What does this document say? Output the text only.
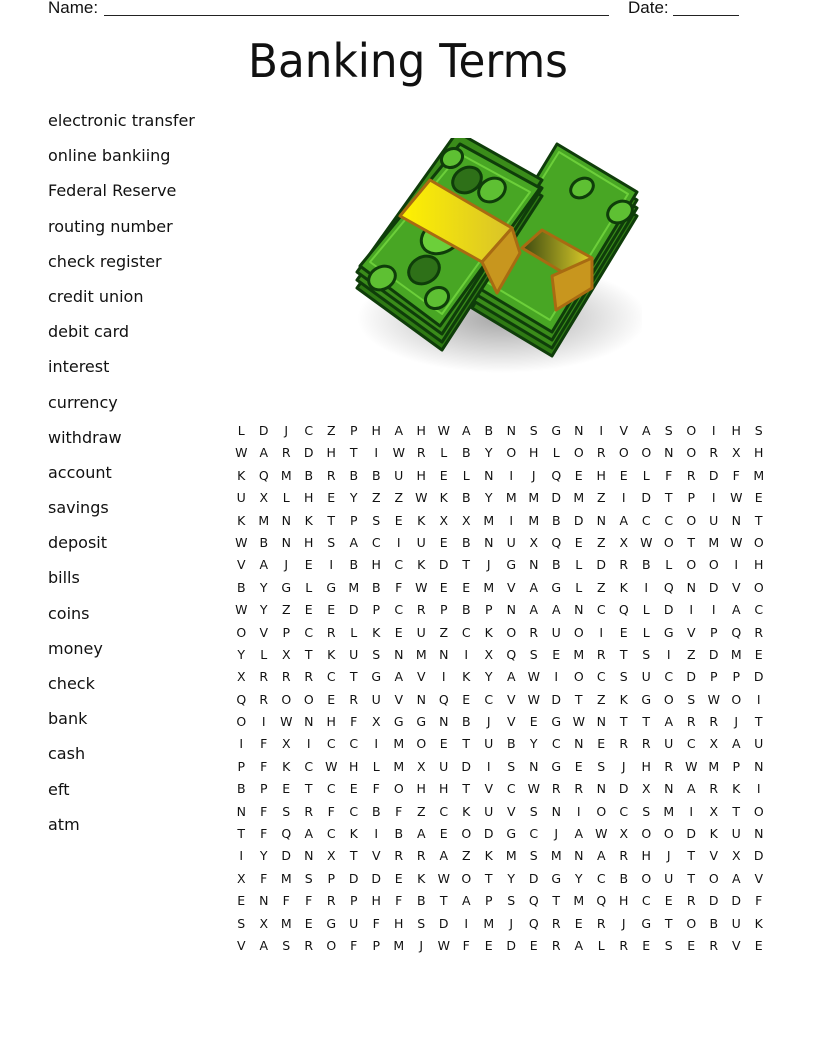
Name:	Date:
Banking Terms
electronic transfer
online bankiing
Federal Reserve
routing number
check register
credit union
debit card
interest
currency
withdraw
account
savings
deposit
bills
coins
money
check
bank
cash
eft
atm
L	D	J	C	Z	P	H	A	H W A	B	N	S	G	N	I	V	A	S	O	I	H	S
W A	R	D	H	T	I	W R	L	B	Y	O	H	L	O	R	O	O	N	O	R	X	H
K	Q M	B	R	B	B	U	H	E	L	N	I	J	Q	E	H	E	L	F	R	D	F	M
U	X	L	H	E	Y	Z	Z W K	B	Y	M M D M	Z	I	D	T	P	I	W E
K	M N	K	T	P	S	E	K	X	X	M	I	M	B	D	N	A	C	C	O	U	N	T
W B	N	H	S	A	C	I	U	E	B	N	U	X	Q	E	Z	X W O	T	M W O
V	A	J	E	I	B	H	C	K	D	T	J	G	N	B	L	D	R	B	L	O	O	I	H
B	Y	G	L	G M	B	F	W E	E	M	V	A	G	L	Z	K	I	Q	N	D	V	O
W Y	Z	E	E	D	P	C	R	P	B	P	N	A	A	N	C	Q	L	D	I	I	A	C
O	V	P	C	R	L	K	E	U	Z	C	K	O	R	U	O	I	E	L	G	V	P	Q	R
Y	L	X	T	K	U	S	N M N	I	X	Q	S	E	M	R	T	S	I	Z	D M	E
X	R	R	R	C	T	G	A	V	I	K	Y	A W	I	O	C	S	U	C	D	P	P	D
Q	R	O	O	E	R	U	V	N	Q	E	C	V W D	T	Z	K	G	O	S W O	I
O	I	W N	H	F	X	G	G	N	B	J	V	E	G W N	T	T	A	R	R	J	T
I	F	X	I	C	C	I	M O	E	T	U	B	Y	C	N	E	R	R	U	C	X	A	U
P	F	K	C W H	L	M	X	U	D	I	S	N	G	E	S	J	H	R W M	P	N
B	P	E	T	C	E	F	O	H	H	T	V	C W R	R	N	D	X	N	A	R	K	I
N	F	S	R	F	C	B	F	Z	C	K	U	V	S	N	I	O	C	S	M	I	X	T	O
T	F	Q	A	C	K	I	B	A	E	O	D	G	C	J	A W X	O	O	D	K	U	N
I	Y	D	N	X	T	V	R	R	A	Z	K	M	S	M N	A	R	H	J	T	V	X	D
X	F	M	S	P	D	D	E	K W O	T	Y	D	G	Y	C	B	O	U	T	O	A	V
E	N	F	F	R	P	H	F	B	T	A	P	S	Q	T	M Q	H	C	E	R	D	D	F
S	X	M	E	G	U	F	H	S	D	I	M	J	Q	R	E	R	J	G	T	O	B	U	K
V	A	S	R	O	F	P	M	J	W	F	E	D	E	R	A	L	R	E	S	E	R	V	E
